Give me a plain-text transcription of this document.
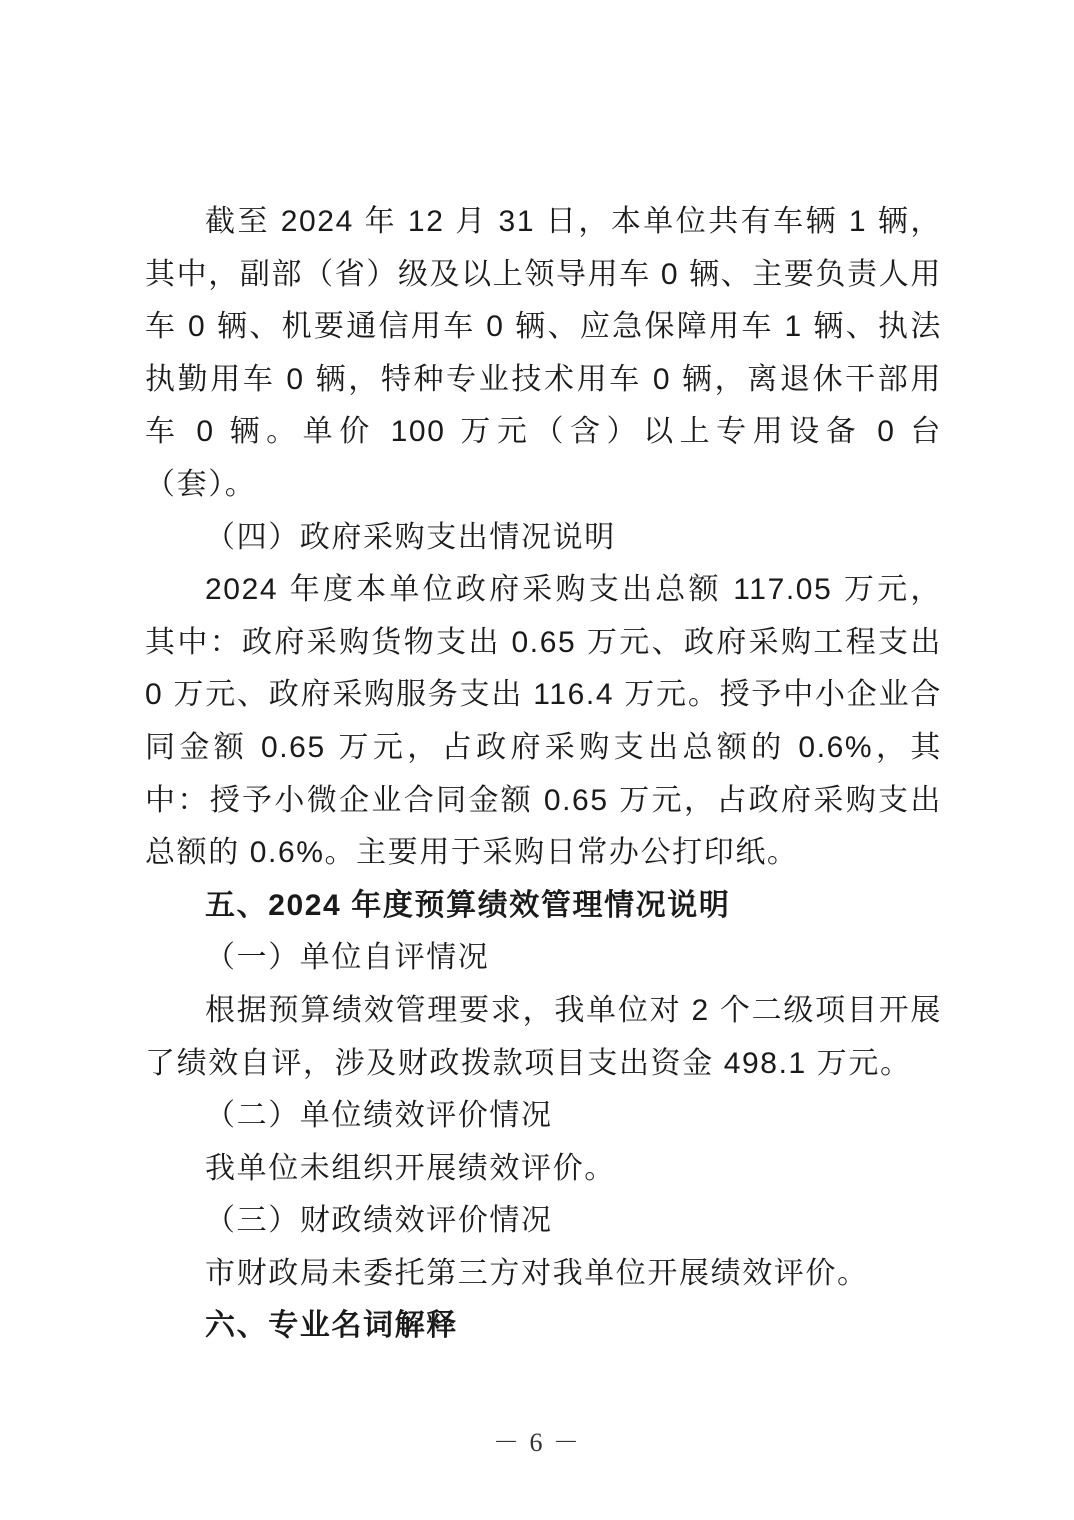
截至 2024 年 12 月 31 日，本单位共有车辆 1 辆，其中，副部（省）级及以上领导用车 0 辆、主要负责人用车 0 辆、机要通信用车 0 辆、应急保障用车 1 辆、执法执勤用车 0 辆，特种专业技术用车 0 辆，离退休干部用车 0 辆。单价 100 万元（含）以上专用设备 0 台（套）。

（四）政府采购支出情况说明

2024 年度本单位政府采购支出总额 117.05 万元，其中：政府采购货物支出 0.65 万元、政府采购工程支出 0 万元、政府采购服务支出 116.4 万元。授予中小企业合同金额 0.65 万元，占政府采购支出总额的 0.6%，其中：授予小微企业合同金额 0.65 万元，占政府采购支出总额的 0.6%。主要用于采购日常办公打印纸。

五、2024 年度预算绩效管理情况说明

（一）单位自评情况

根据预算绩效管理要求，我单位对 2 个二级项目开展了绩效自评，涉及财政拨款项目支出资金 498.1 万元。

（二）单位绩效评价情况

我单位未组织开展绩效评价。

（三）财政绩效评价情况

市财政局未委托第三方对我单位开展绩效评价。

六、专业名词解释

－ 6 －
